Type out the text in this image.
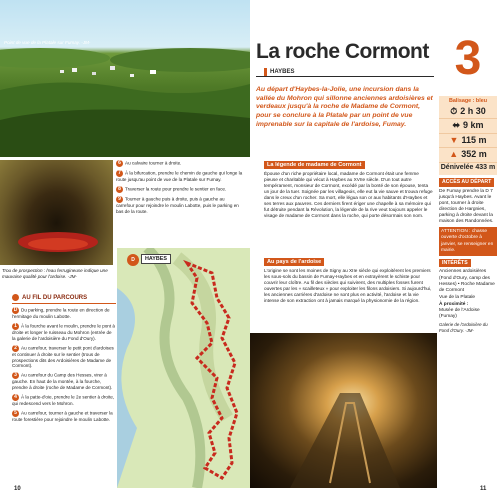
Point de vue de la Platale sur Fumay. -JM-
Trou de prospection : l'eau ferrugineuse indique une mauvaise qualité pour l'ardoise. -JM-
6 Au calvaire tourner à droite.
7 À la bifurcation, prendre le chemin de gauche qui longe la route jusqu'au point de vue de la Platale sur Fumay.
8 Traverser la route pour prendre le sentier en face.
9 Tourner à gauche puis à droite, puis à gauche au carrefour pour rejoindre le moulin Labotte, puis le parking en bas de la route.
HAYBES
D
AU FIL DU PARCOURS
D Du parking, prendre la route en direction de l'ermitage du moulin Labotte.
1 À la fourche avant le moulin, prendre le pont à droite et longer le ruisseau du Mohron (entrée de la galerie de l'ardoisière du Fond d'Oury).
2 Au carrefour, traverser le petit pont d'ardoises et continuer à droite sur le sentier (trous de prospections dits des Ardoisières de Madame de Cormont).
3 Au carrefour du Camp des Hesses, virer à gauche. En haut de la montée, à la fourche, prendre à droite (roche de Madame de Cormont).
4 À la patte-d'oie, prendre le 2e sentier à droite, qui redescend vers le Mohron.
5 Au carrefour, tourner à gauche et traverser la route forestière pour rejoindre le moulin Labotte.
10
La roche Cormont
HAYBES	3
Au départ d'Haybes-la-Jolie, une incursion dans la vallée du Mohron qui sillonne anciennes ardoisières et verdeaux jusqu'à la roche de Madame de Cormont, pour se conclure à la Platale par un point de vue imprenable sur la capitale de l'ardoise, Fumay.
La légende de madame de Cormont
Épouse d'un riche propriétaire local, madame de Cormont était une femme pieuse et charitable qui vécut à Haybes au XVIIe siècle. D'un tout autre tempérament, monsieur de Cormont, excédé par la bonté de son épouse, tenta un jour de la tuer. Soignée par les villageois, elle eut la vie sauve et trouva refuge dans le creux d'un rocher. Sa mort, elle légua son or aux habitants d'Haybes et ses terres aux pauvres. Ces derniers firent ériger une chapelle à sa mémoire qui fut détruite pendant la Révolution, la légende de la rive veut toujours appeler le visage de madame de Cormont dans la roche, qui porte désormais son nom.
Au pays de l'ardoise
L'origine se sont les moines de Signy au XIIe siècle qui exploitèrent les premiers les sous-sols du bassin de Fumay-Haybes et en extrayèrent le schiste pour couvrir leur cloître. Au fil des siècles qui suivirent, des multiples fosses furent ouvertes par les « scailleteux » pour exploiter les filons ardoisiers. Si aujourd'hui, les anciennes carrières d'ardoise ne sont plus en activité, l'ardoise et la vie intense de son extraction ont à jamais marqué la physionomie de la région.
Balisage : bleu
⏱ 2 h 30
⬌ 9 km
▼ 115 m
▲ 352 m
Dénivelée 433 m
ACCÈS AU DÉPART
De Fumay prendre la D 7 jusqu'à Haybes. Avant le pont, tourner à droite direction de Hargnies, parking à droite devant la maison des Randonnées.
ATTENTION : chasse ouverte d'octobre à janvier, se renseigner en mairie.
INTÉRÊTS
Anciennes ardoisières (Fond d'Oury, camp des Hesses) • Roche Madame de Cormont
Vue de la Platale
À proximité :
Musée de l'Ardoise (Fumay)
Galerie de l'ardoisière du Fond d'Oury. -JM-
11
